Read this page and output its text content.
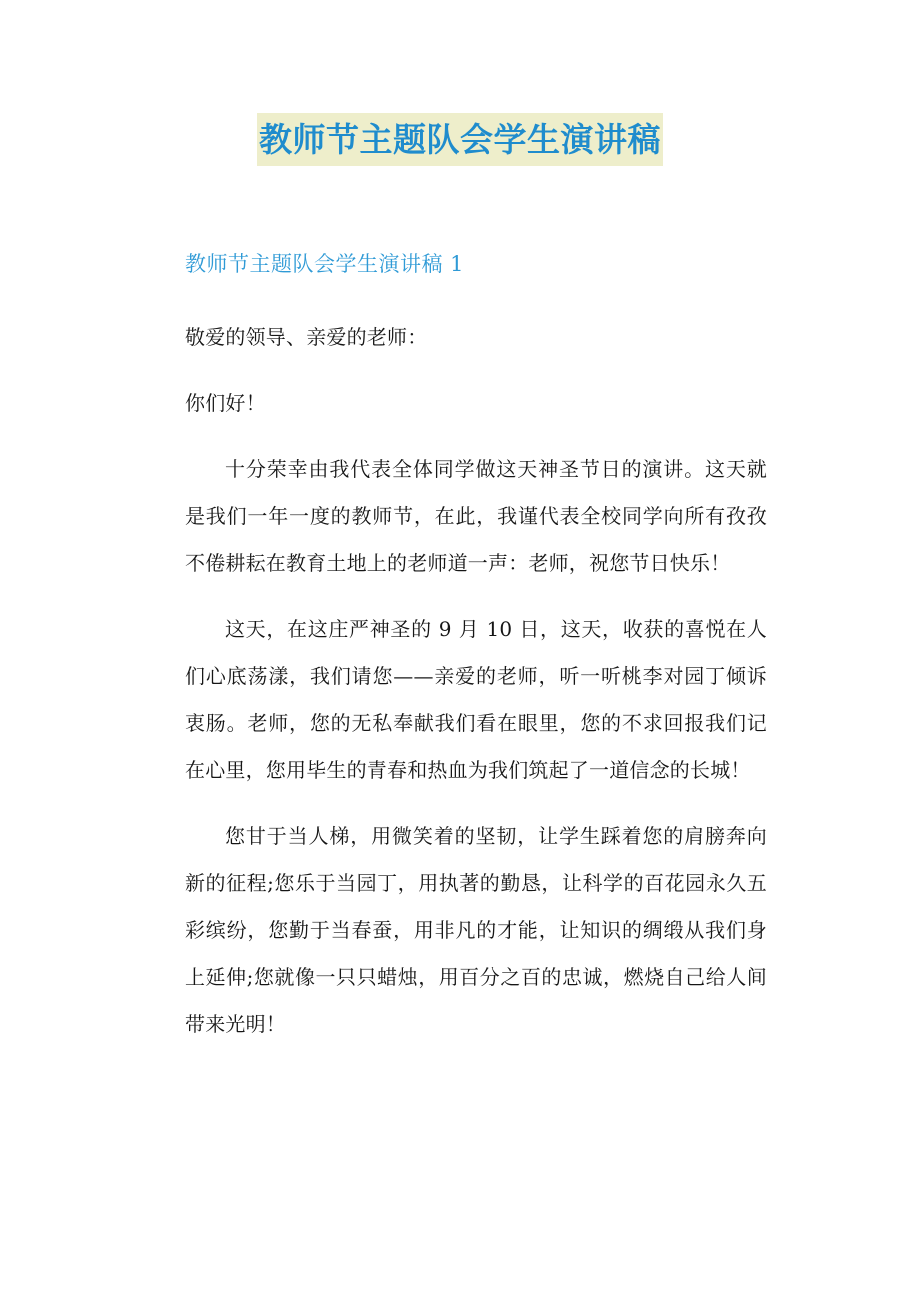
教师节主题队会学生演讲稿
教师节主题队会学生演讲稿 1

敬爱的领导、亲爱的老师：

你们好！

十分荣幸由我代表全体同学做这天神圣节日的演讲。这天就是我们一年一度的教师节，在此，我谨代表全校同学向所有孜孜不倦耕耘在教育土地上的老师道一声：老师，祝您节日快乐！

这天，在这庄严神圣的 9 月 10 日，这天，收获的喜悦在人们心底荡漾，我们请您——亲爱的老师，听一听桃李对园丁倾诉衷肠。老师，您的无私奉献我们看在眼里，您的不求回报我们记在心里，您用毕生的青春和热血为我们筑起了一道信念的长城！

您甘于当人梯，用微笑着的坚韧，让学生踩着您的肩膀奔向新的征程;您乐于当园丁，用执著的勤恳，让科学的百花园永久五彩缤纷，您勤于当春蚕，用非凡的才能，让知识的绸缎从我们身上延伸;您就像一只只蜡烛，用百分之百的忠诚，燃烧自己给人间带来光明！
